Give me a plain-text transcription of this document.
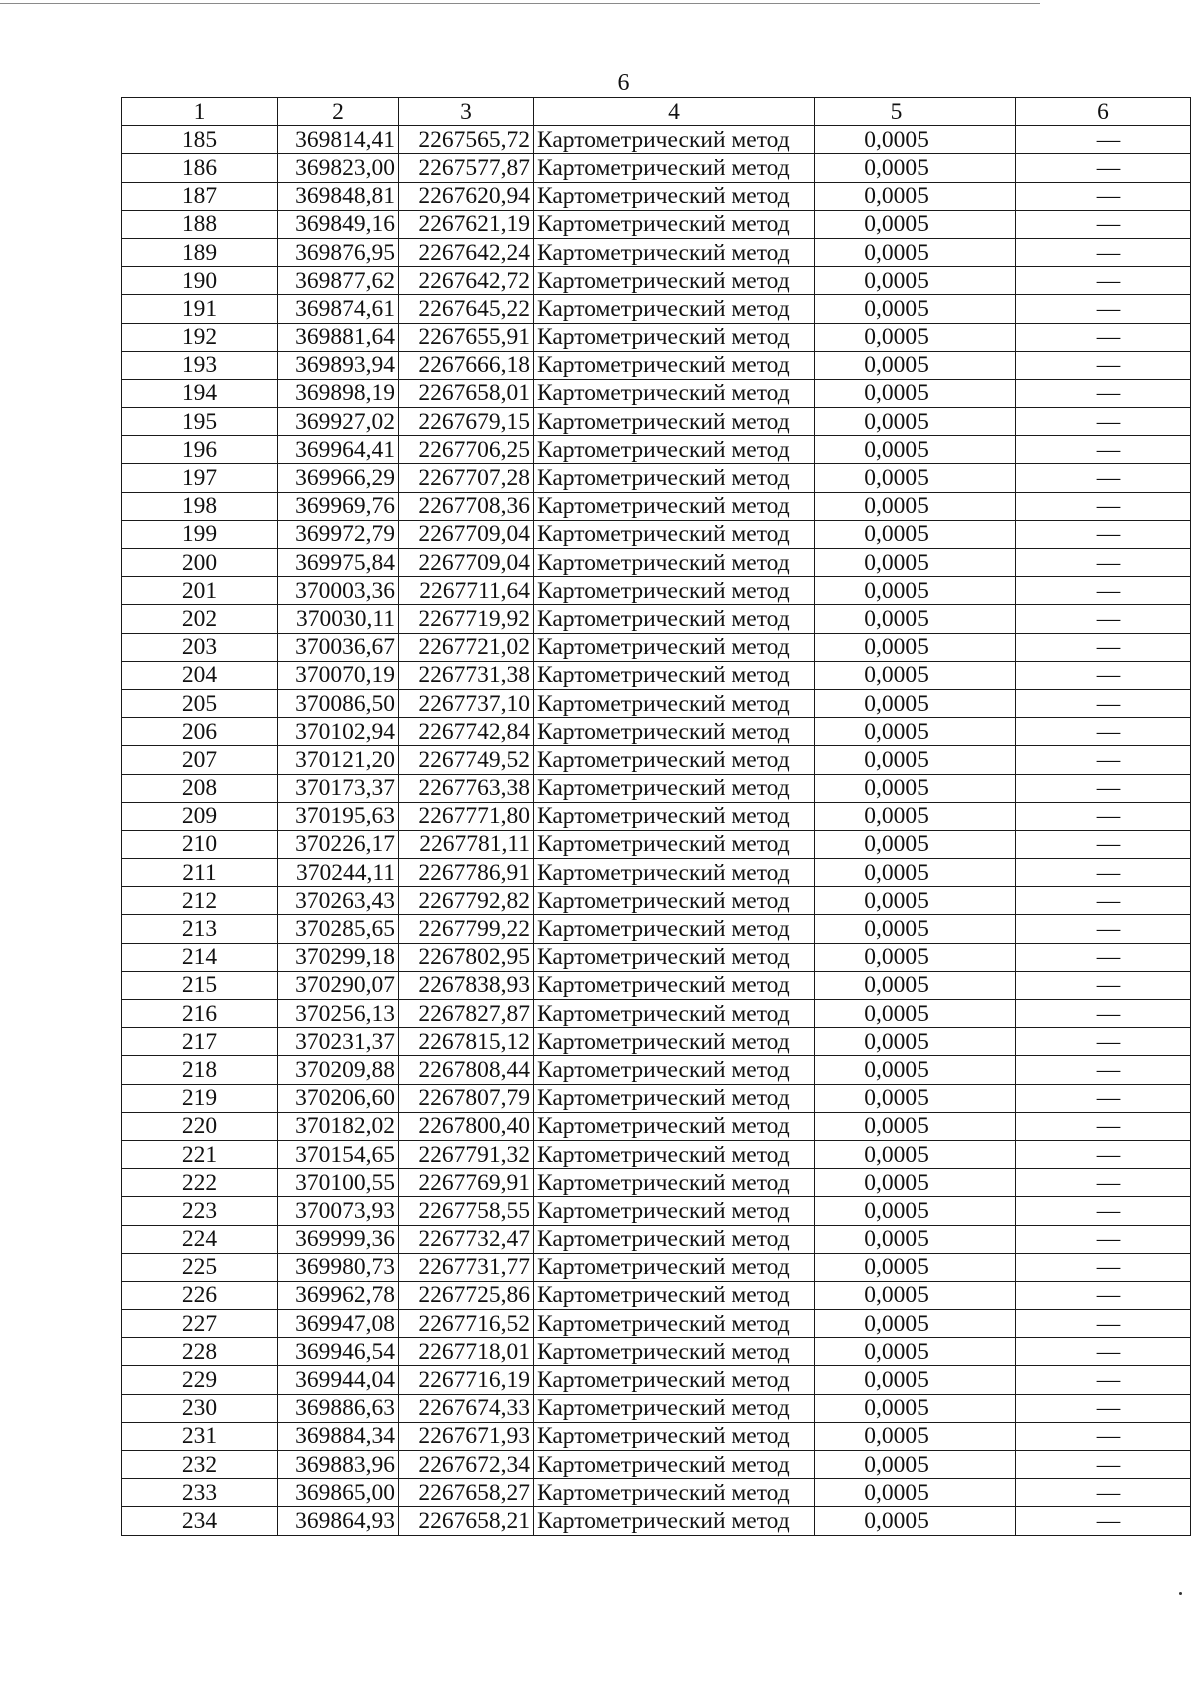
6
1	2	3	4	5	6
185	369814,41	2267565,72	Картометрический метод	0,0005	—
186	369823,00	2267577,87	Картометрический метод	0,0005	—
187	369848,81	2267620,94	Картометрический метод	0,0005	—
188	369849,16	2267621,19	Картометрический метод	0,0005	—
189	369876,95	2267642,24	Картометрический метод	0,0005	—
190	369877,62	2267642,72	Картометрический метод	0,0005	—
191	369874,61	2267645,22	Картометрический метод	0,0005	—
192	369881,64	2267655,91	Картометрический метод	0,0005	—
193	369893,94	2267666,18	Картометрический метод	0,0005	—
194	369898,19	2267658,01	Картометрический метод	0,0005	—
195	369927,02	2267679,15	Картометрический метод	0,0005	—
196	369964,41	2267706,25	Картометрический метод	0,0005	—
197	369966,29	2267707,28	Картометрический метод	0,0005	—
198	369969,76	2267708,36	Картометрический метод	0,0005	—
199	369972,79	2267709,04	Картометрический метод	0,0005	—
200	369975,84	2267709,04	Картометрический метод	0,0005	—
201	370003,36	2267711,64	Картометрический метод	0,0005	—
202	370030,11	2267719,92	Картометрический метод	0,0005	—
203	370036,67	2267721,02	Картометрический метод	0,0005	—
204	370070,19	2267731,38	Картометрический метод	0,0005	—
205	370086,50	2267737,10	Картометрический метод	0,0005	—
206	370102,94	2267742,84	Картометрический метод	0,0005	—
207	370121,20	2267749,52	Картометрический метод	0,0005	—
208	370173,37	2267763,38	Картометрический метод	0,0005	—
209	370195,63	2267771,80	Картометрический метод	0,0005	—
210	370226,17	2267781,11	Картометрический метод	0,0005	—
211	370244,11	2267786,91	Картометрический метод	0,0005	—
212	370263,43	2267792,82	Картометрический метод	0,0005	—
213	370285,65	2267799,22	Картометрический метод	0,0005	—
214	370299,18	2267802,95	Картометрический метод	0,0005	—
215	370290,07	2267838,93	Картометрический метод	0,0005	—
216	370256,13	2267827,87	Картометрический метод	0,0005	—
217	370231,37	2267815,12	Картометрический метод	0,0005	—
218	370209,88	2267808,44	Картометрический метод	0,0005	—
219	370206,60	2267807,79	Картометрический метод	0,0005	—
220	370182,02	2267800,40	Картометрический метод	0,0005	—
221	370154,65	2267791,32	Картометрический метод	0,0005	—
222	370100,55	2267769,91	Картометрический метод	0,0005	—
223	370073,93	2267758,55	Картометрический метод	0,0005	—
224	369999,36	2267732,47	Картометрический метод	0,0005	—
225	369980,73	2267731,77	Картометрический метод	0,0005	—
226	369962,78	2267725,86	Картометрический метод	0,0005	—
227	369947,08	2267716,52	Картометрический метод	0,0005	—
228	369946,54	2267718,01	Картометрический метод	0,0005	—
229	369944,04	2267716,19	Картометрический метод	0,0005	—
230	369886,63	2267674,33	Картометрический метод	0,0005	—
231	369884,34	2267671,93	Картометрический метод	0,0005	—
232	369883,96	2267672,34	Картометрический метод	0,0005	—
233	369865,00	2267658,27	Картометрический метод	0,0005	—
234	369864,93	2267658,21	Картометрический метод	0,0005	—
